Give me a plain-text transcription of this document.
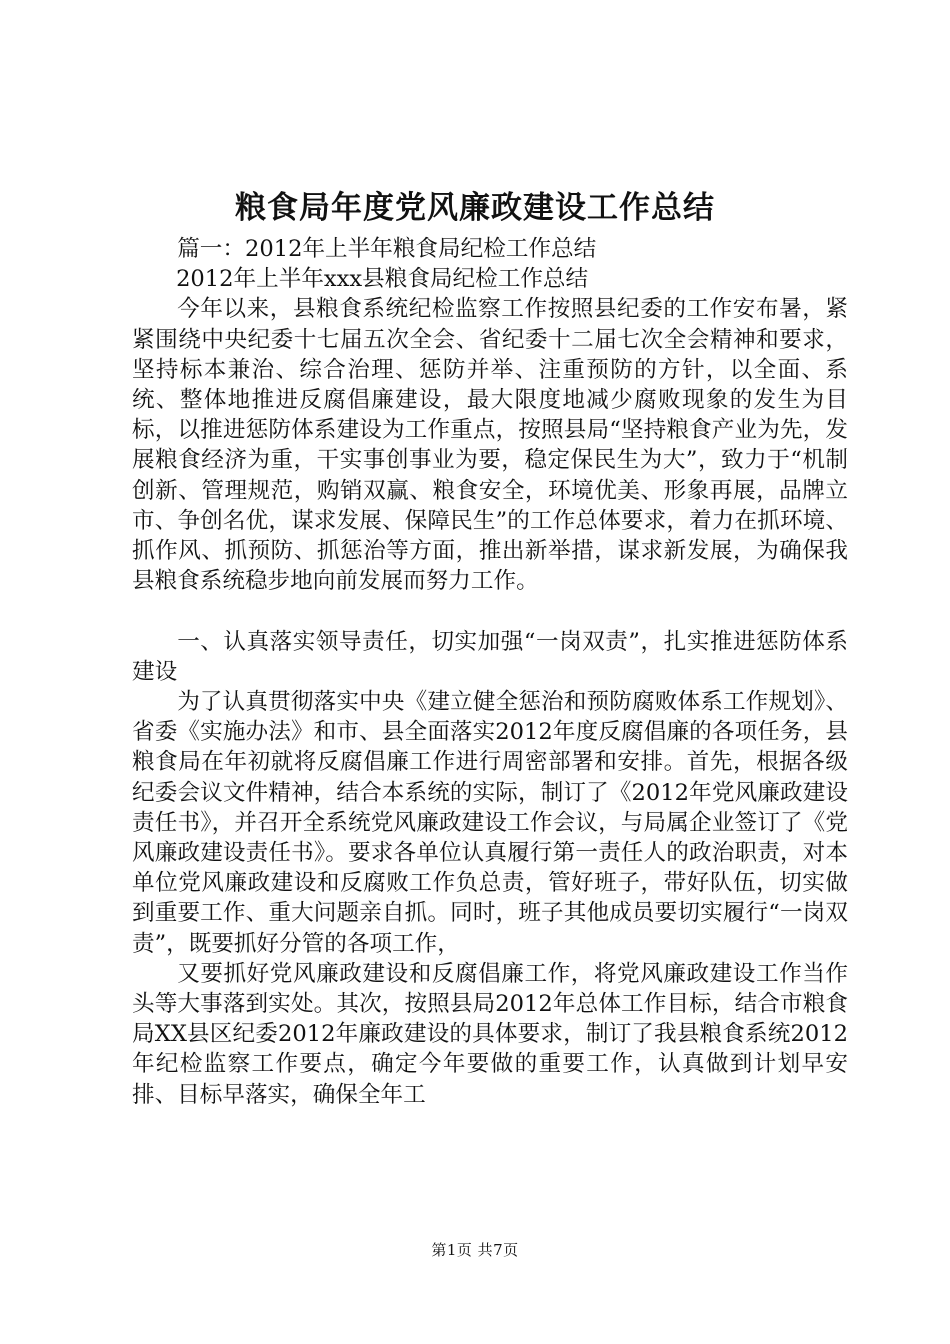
粮食局年度党风廉政建设工作总结

篇一：2012年上半年粮食局纪检工作总结

2012年上半年xxx县粮食局纪检工作总结

今年以来，县粮食系统纪检监察工作按照县纪委的工作安布暑，紧紧围绕中央纪委十七届五次全会、省纪委十二届七次全会精神和要求，坚持标本兼治、综合治理、惩防并举、注重预防的方针，以全面、系统、整体地推进反腐倡廉建设，最大限度地减少腐败现象的发生为目标，以推进惩防体系建设为工作重点，按照县局“坚持粮食产业为先，发展粮食经济为重，干实事创事业为要，稳定保民生为大”，致力于“机制创新、管理规范，购销双赢、粮食安全，环境优美、形象再展，品牌立市、争创名优，谋求发展、保障民生”的工作总体要求，着力在抓环境、抓作风、抓预防、抓惩治等方面，推出新举措，谋求新发展，为确保我县粮食系统稳步地向前发展而努力工作。

一、认真落实领导责任，切实加强“一岗双责”，扎实推进惩防体系建设

为了认真贯彻落实中央《建立健全惩治和预防腐败体系工作规划》、省委《实施办法》和市、县全面落实2012年度反腐倡廉的各项任务，县粮食局在年初就将反腐倡廉工作进行周密部署和安排。首先，根据各级纪委会议文件精神，结合本系统的实际，制订了《2012年党风廉政建设责任书》，并召开全系统党风廉政建设工作会议，与局属企业签订了《党风廉政建设责任书》。要求各单位认真履行第一责任人的政治职责，对本单位党风廉政建设和反腐败工作负总责，管好班子，带好队伍，切实做到重要工作、重大问题亲自抓。同时，班子其他成员要切实履行“一岗双责”，既要抓好分管的各项工作，

又要抓好党风廉政建设和反腐倡廉工作，将党风廉政建设工作当作头等大事落到实处。其次，按照县局2012年总体工作目标，结合市粮食局XX县区纪委2012年廉政建设的具体要求，制订了我县粮食系统2012年纪检监察工作要点，确定今年要做的重要工作，认真做到计划早安排、目标早落实，确保全年工

第1页 共7页
